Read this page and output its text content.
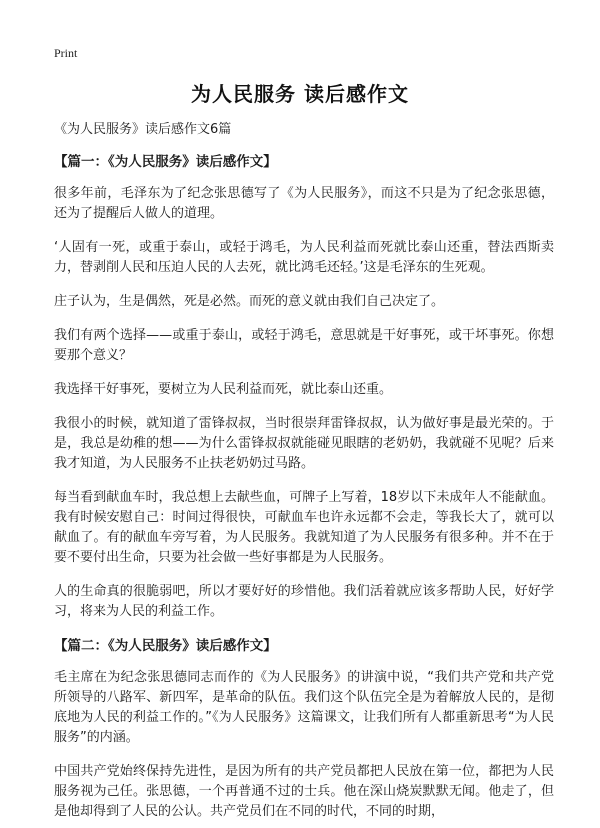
Print
为人民服务 读后感作文

《为人民服务》读后感作文6篇

【篇一：《为人民服务》读后感作文】

很多年前，毛泽东为了纪念张思德写了《为人民服务》，而这不只是为了纪念张思德，还为了提醒后人做人的道理。

‘人固有一死，或重于泰山，或轻于鸿毛，为人民利益而死就比泰山还重，替法西斯卖力，替剥削人民和压迫人民的人去死，就比鸿毛还轻。’这是毛泽东的生死观。

庄子认为，生是偶然，死是必然。而死的意义就由我们自己决定了。

我们有两个选择——或重于泰山，或轻于鸿毛，意思就是干好事死，或干坏事死。你想要那个意义？

我选择干好事死，要树立为人民利益而死，就比泰山还重。

我很小的时候，就知道了雷锋叔叔，当时很崇拜雷锋叔叔，认为做好事是最光荣的。于是，我总是幼稚的想——为什么雷锋叔叔就能碰见眼瞎的老奶奶，我就碰不见呢？后来我才知道，为人民服务不止扶老奶奶过马路。

每当看到献血车时，我总想上去献些血，可牌子上写着，18岁以下未成年人不能献血。我有时候安慰自己：时间过得很快，可献血车也许永远都不会走，等我长大了，就可以献血了。有的献血车旁写着，为人民服务。我就知道了为人民服务有很多种。并不在于要不要付出生命，只要为社会做一些好事都是为人民服务。

人的生命真的很脆弱吧，所以才要好好的珍惜他。我们活着就应该多帮助人民，好好学习，将来为人民的利益工作。

【篇二：《为人民服务》读后感作文】

毛主席在为纪念张思德同志而作的《为人民服务》的讲演中说，“我们共产党和共产党所领导的八路军、新四军，是革命的队伍。我们这个队伍完全是为着解放人民的，是彻底地为人民的利益工作的。”《为人民服务》这篇课文，让我们所有人都重新思考“为人民服务”的内涵。

中国共产党始终保持先进性，是因为所有的共产党员都把人民放在第一位，都把为人民服务视为己任。张思德，一个再普通不过的士兵。他在深山烧炭默默无闻。他走了，但是他却得到了人民的公认。共产党员们在不同的时代，不同的时期，
